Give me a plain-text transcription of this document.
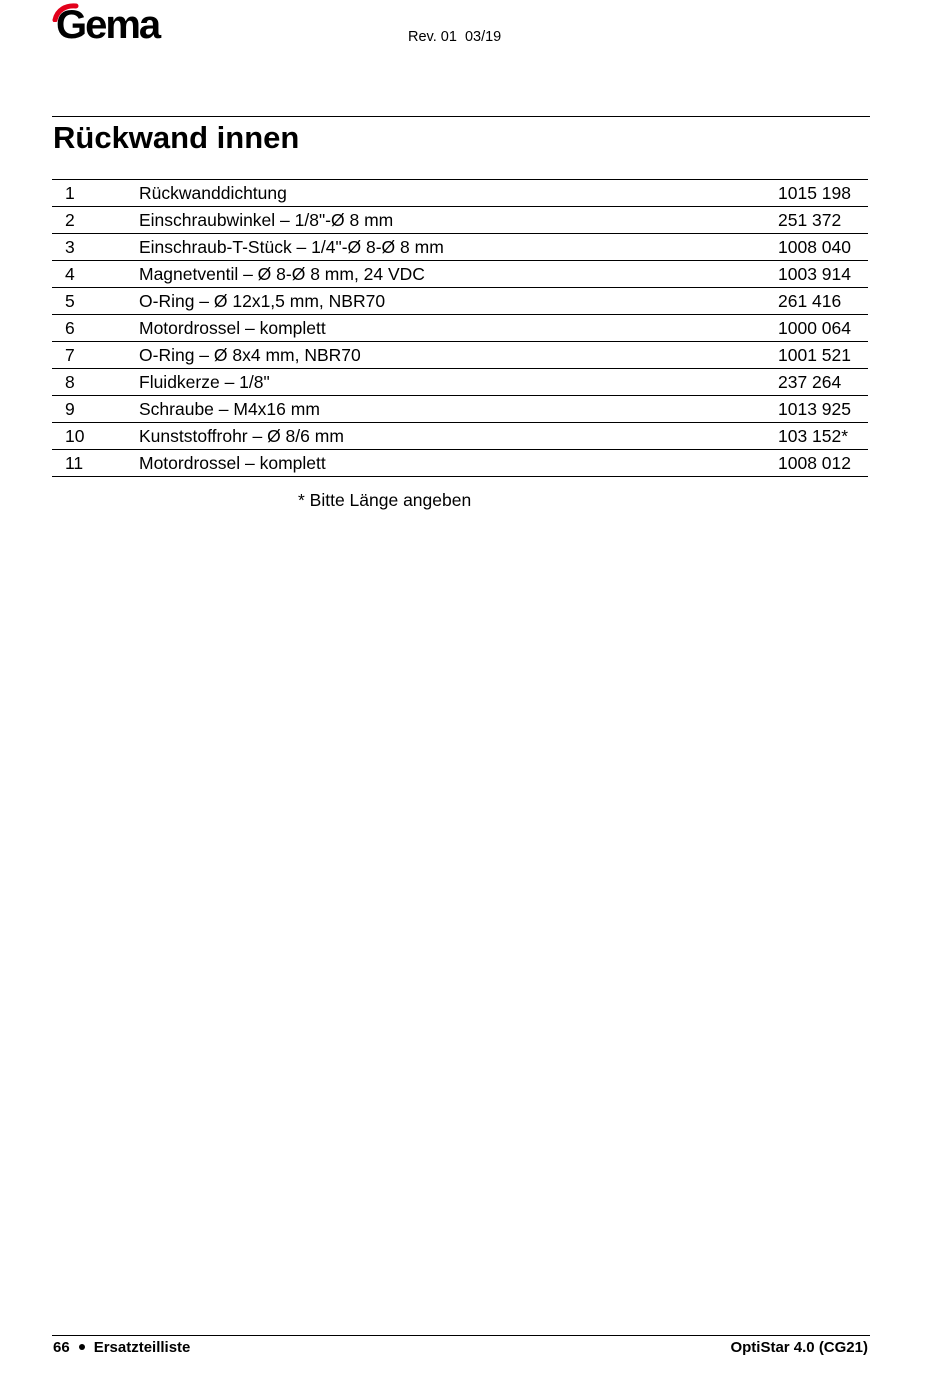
Gema	Rev. 01  03/19
Rückwand innen
1	Rückwanddichtung	1015 198
2	Einschraubwinkel – 1/8"-Ø 8 mm	251 372
3	Einschraub-T-Stück – 1/4"-Ø 8-Ø 8 mm	1008 040
4	Magnetventil – Ø 8-Ø 8 mm, 24 VDC	1003 914
5	O-Ring – Ø 12x1,5 mm, NBR70	261 416
6	Motordrossel – komplett	1000 064
7	O-Ring – Ø 8x4 mm, NBR70	1001 521
8	Fluidkerze – 1/8"	237 264
9	Schraube – M4x16 mm	1013 925
10	Kunststoffrohr – Ø 8/6 mm	103 152*
11	Motordrossel – komplett	1008 012
* Bitte Länge angeben
66 Ersatzteilliste	OptiStar 4.0 (CG21)
